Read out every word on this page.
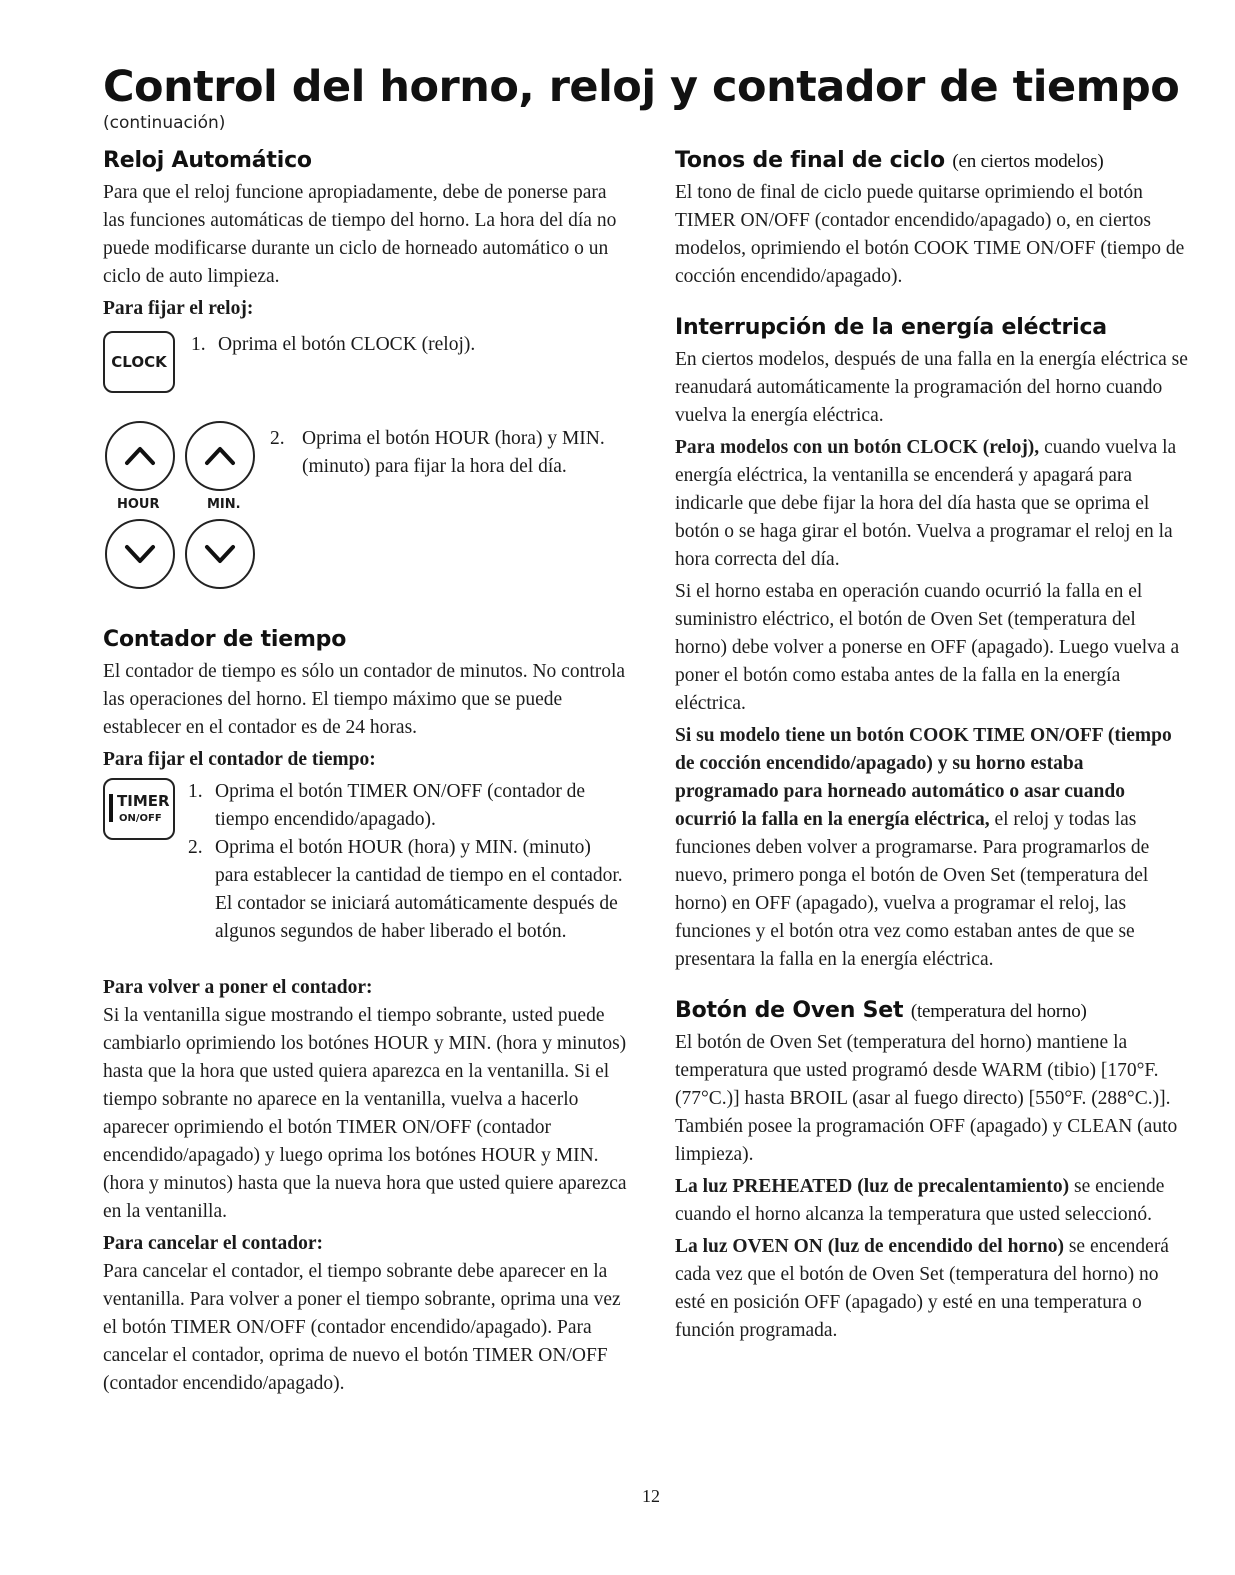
Control del horno, reloj y contador de tiempo
(continuación)
Reloj Automático

Para que el reloj funcione apropiadamente, debe de ponerse para las funciones automáticas de tiempo del horno. La hora del día no puede modificarse durante un ciclo de horneado automático o un ciclo de auto limpieza.

Para fijar el reloj:
CLOCK
1. Oprima el botón CLOCK (reloj).
HOUR	MIN.
2. Oprima el botón HOUR (hora) y MIN. (minuto) para fijar la hora del día.
Contador de tiempo

El contador de tiempo es sólo un contador de minutos. No controla las operaciones del horno. El tiempo máximo que se puede establecer en el contador es de 24 horas.

Para fijar el contador de tiempo:
TIMER
ON/OFF
1. Oprima el botón TIMER ON/OFF (contador de tiempo encendido/apagado).
2. Oprima el botón HOUR (hora) y MIN. (minuto) para establecer la cantidad de tiempo en el contador. El contador se iniciará automáticamente después de algunos segundos de haber liberado el botón.
Para volver a poner el contador:

Si la ventanilla sigue mostrando el tiempo sobrante, usted puede cambiarlo oprimiendo los botónes HOUR y MIN. (hora y minutos) hasta que la hora que usted quiera aparezca en la ventanilla. Si el tiempo sobrante no aparece en la ventanilla, vuelva a hacerlo aparecer oprimiendo el botón TIMER ON/OFF (contador encendido/apagado) y luego oprima los botónes HOUR y MIN. (hora y minutos) hasta que la nueva hora que usted quiere aparezca en la ventanilla.

Para cancelar el contador:

Para cancelar el contador, el tiempo sobrante debe aparecer en la ventanilla. Para volver a poner el tiempo sobrante, oprima una vez el botón TIMER ON/OFF (contador encendido/apagado). Para cancelar el contador, oprima de nuevo el botón TIMER ON/OFF (contador encendido/apagado).

Tonos de final de ciclo (en ciertos modelos)

El tono de final de ciclo puede quitarse oprimiendo el botón TIMER ON/OFF (contador encendido/apagado) o, en ciertos modelos, oprimiendo el botón COOK TIME ON/OFF (tiempo de cocción encendido/apagado).

Interrupción de la energía eléctrica

En ciertos modelos, después de una falla en la energía eléctrica se reanudará automáticamente la programación del horno cuando vuelva la energía eléctrica.

Para modelos con un botón CLOCK (reloj), cuando vuelva la energía eléctrica, la ventanilla se encenderá y apagará para indicarle que debe fijar la hora del día hasta que se oprima el botón o se haga girar el botón. Vuelva a programar el reloj en la hora correcta del día.

Si el horno estaba en operación cuando ocurrió la falla en el suministro eléctrico, el botón de Oven Set (temperatura del horno) debe volver a ponerse en OFF (apagado). Luego vuelva a poner el botón como estaba antes de la falla en la energía eléctrica.

Si su modelo tiene un botón COOK TIME ON/OFF (tiempo de cocción encendido/apagado) y su horno estaba programado para horneado automático o asar cuando ocurrió la falla en la energía eléctrica, el reloj y todas las funciones deben volver a programarse. Para programarlos de nuevo, primero ponga el botón de Oven Set (temperatura del horno) en OFF (apagado), vuelva a programar el reloj, las funciones y el botón otra vez como estaban antes de que se presentara la falla en la energía eléctrica.

Botón de Oven Set (temperatura del horno)

El botón de Oven Set (temperatura del horno) mantiene la temperatura que usted programó desde WARM (tibio) [170°F. (77°C.)] hasta BROIL (asar al fuego directo) [550°F. (288°C.)]. También posee la programación OFF (apagado) y CLEAN (auto limpieza).

La luz PREHEATED (luz de precalentamiento) se enciende cuando el horno alcanza la temperatura que usted seleccionó.

La luz OVEN ON (luz de encendido del horno) se encenderá cada vez que el botón de Oven Set (temperatura del horno) no esté en posición OFF (apagado) y esté en una temperatura o función programada.

12
